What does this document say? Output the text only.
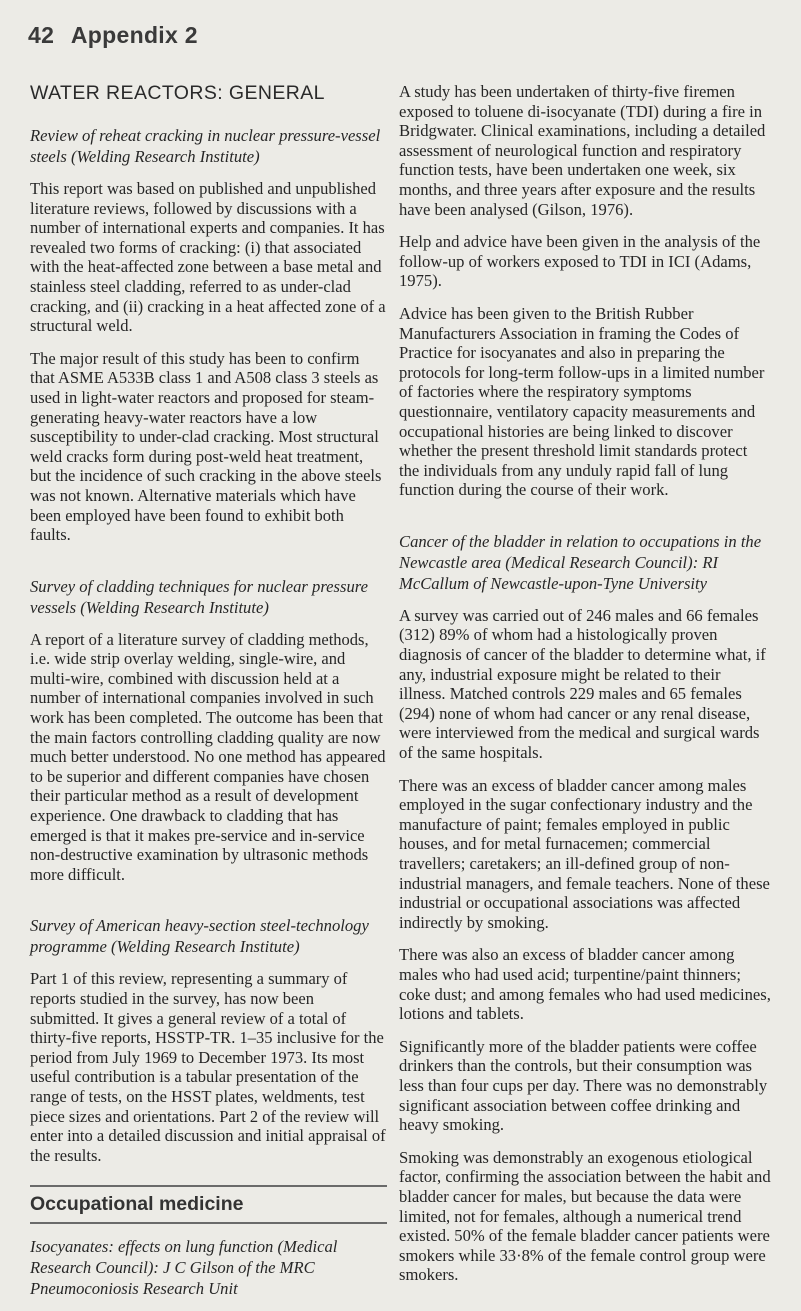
42 Appendix 2
WATER REACTORS: GENERAL
Review of reheat cracking in nuclear pressure-vessel steels (Welding Research Institute)

This report was based on published and unpublished literature reviews, followed by discussions with a number of international experts and companies. It has revealed two forms of cracking: (i) that associated with the heat-affected zone between a base metal and stainless steel cladding, referred to as under-clad cracking, and (ii) cracking in a heat affected zone of a structural weld.

The major result of this study has been to confirm that ASME A533B class 1 and A508 class 3 steels as used in light-water reactors and proposed for steam-generating heavy-water reactors have a low susceptibility to under-clad cracking. Most structural weld cracks form during post-weld heat treatment, but the incidence of such cracking in the above steels was not known. Alternative materials which have been employed have been found to exhibit both faults.

Survey of cladding techniques for nuclear pressure vessels (Welding Research Institute)

A report of a literature survey of cladding methods, i.e. wide strip overlay welding, single-wire, and multi-wire, combined with discussion held at a number of international companies involved in such work has been completed. The outcome has been that the main factors controlling cladding quality are now much better understood. No one method has appeared to be superior and different companies have chosen their particular method as a result of development experience. One drawback to cladding that has emerged is that it makes pre-service and in-service non-destructive examination by ultrasonic methods more difficult.

Survey of American heavy-section steel-technology programme (Welding Research Institute)

Part 1 of this review, representing a summary of reports studied in the survey, has now been submitted. It gives a general review of a total of thirty-five reports, HSSTP-TR. 1–35 inclusive for the period from July 1969 to December 1973. Its most useful contribution is a tabular presentation of the range of tests, on the HSST plates, weldments, test piece sizes and orientations. Part 2 of the review will enter into a detailed discussion and initial appraisal of the results.

Occupational medicine
Isocyanates: effects on lung function (Medical Research Council): J C Gilson of the MRC Pneumoconiosis Research Unit

A study has been undertaken of thirty-five firemen exposed to toluene di-isocyanate (TDI) during a fire in Bridgwater. Clinical examinations, including a detailed assessment of neurological function and respiratory function tests, have been undertaken one week, six months, and three years after exposure and the results have been analysed (Gilson, 1976).

Help and advice have been given in the analysis of the follow-up of workers exposed to TDI in ICI (Adams, 1975).

Advice has been given to the British Rubber Manufacturers Association in framing the Codes of Practice for isocyanates and also in preparing the protocols for long-term follow-ups in a limited number of factories where the respiratory symptoms questionnaire, ventilatory capacity measurements and occupational histories are being linked to discover whether the present threshold limit standards protect the individuals from any unduly rapid fall of lung function during the course of their work.

Cancer of the bladder in relation to occupations in the Newcastle area (Medical Research Council): RI McCallum of Newcastle-upon-Tyne University

A survey was carried out of 246 males and 66 females (312) 89% of whom had a histologically proven diagnosis of cancer of the bladder to determine what, if any, industrial exposure might be related to their illness. Matched controls 229 males and 65 females (294) none of whom had cancer or any renal disease, were interviewed from the medical and surgical wards of the same hospitals.

There was an excess of bladder cancer among males employed in the sugar confectionary industry and the manufacture of paint; females employed in public houses, and for metal furnacemen; commercial travellers; caretakers; an ill-defined group of non-industrial managers, and female teachers. None of these industrial or occupational associations was affected indirectly by smoking.

There was also an excess of bladder cancer among males who had used acid; turpentine/paint thinners; coke dust; and among females who had used medicines, lotions and tablets.

Significantly more of the bladder patients were coffee drinkers than the controls, but their consumption was less than four cups per day. There was no demonstrably significant association between coffee drinking and heavy smoking.

Smoking was demonstrably an exogenous etiological factor, confirming the association between the habit and bladder cancer for males, but because the data were limited, not for females, although a numerical trend existed. 50% of the female bladder cancer patients were smokers while 33·8% of the female control group were smokers.
